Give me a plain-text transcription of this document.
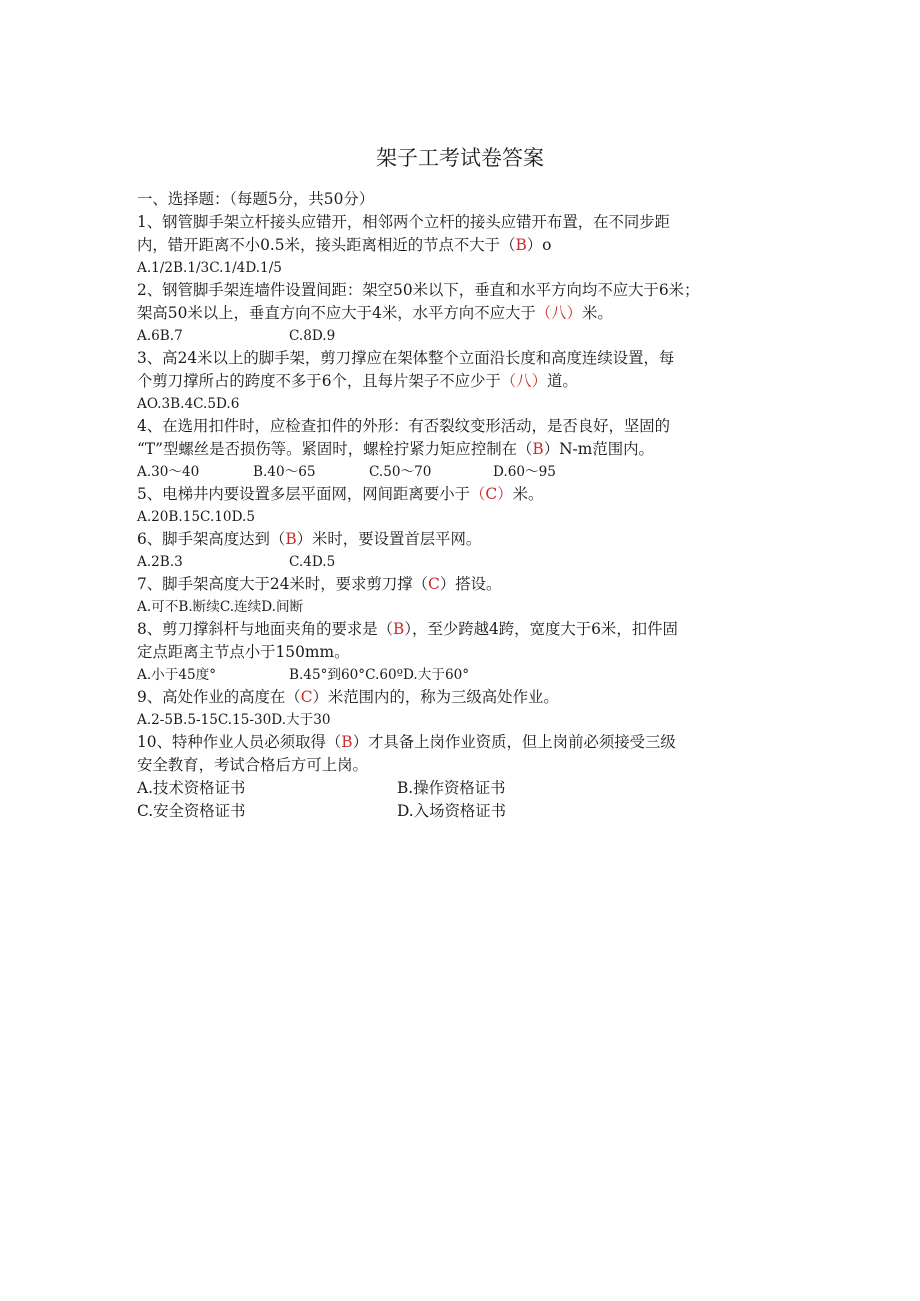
架子工考试卷答案
一、选择题：（每题5分，共50分）
1、钢管脚手架立杆接头应错开，相邻两个立杆的接头应错开布置，在不同步距
内，错开距离不小0.5米，接头距离相近的节点不大于（B）o
A.1/2B.1/3C.1/4D.1/5
2、钢管脚手架连墙件设置间距：架空50米以下，垂直和水平方向均不应大于6米；
架高50米以上，垂直方向不应大于4米，水平方向不应大于（八）米。
A.6B.7	C.8D.9
3、高24米以上的脚手架，剪刀撑应在架体整个立面沿长度和高度连续设置，每
个剪刀撑所占的跨度不多于6个，且每片架子不应少于（八）道。
AO.3B.4C.5D.6
4、在选用扣件时，应检查扣件的外形：有否裂纹变形活动，是否良好，坚固的
“T”型螺丝是否损伤等。紧固时，螺栓拧紧力矩应控制在（B）N-m范围内。
A.30～40	B.40～65	C.50～70	D.60～95
5、电梯井内要设置多层平面网，网间距离要小于（C）米。
A.20B.15C.10D.5
6、脚手架高度达到（B）米时，要设置首层平网。
A.2B.3	C.4D.5
7、脚手架高度大于24米时，要求剪刀撑（C）搭设。
A.可不B.断续C.连续D.间断
8、剪刀撑斜杆与地面夹角的要求是（B），至少跨越4跨，宽度大于6米，扣件固
定点距离主节点小于150mm。
A.小于45度°	B.45°到60°C.60ºD.大于60°
9、高处作业的高度在（C）米范围内的，称为三级高处作业。
A.2-5B.5-15C.15-30D.大于30
10、特种作业人员必须取得（B）才具备上岗作业资质，但上岗前必须接受三级
安全教育，考试合格后方可上岗。
A.技术资格证书	B.操作资格证书
C.安全资格证书	D.入场资格证书
